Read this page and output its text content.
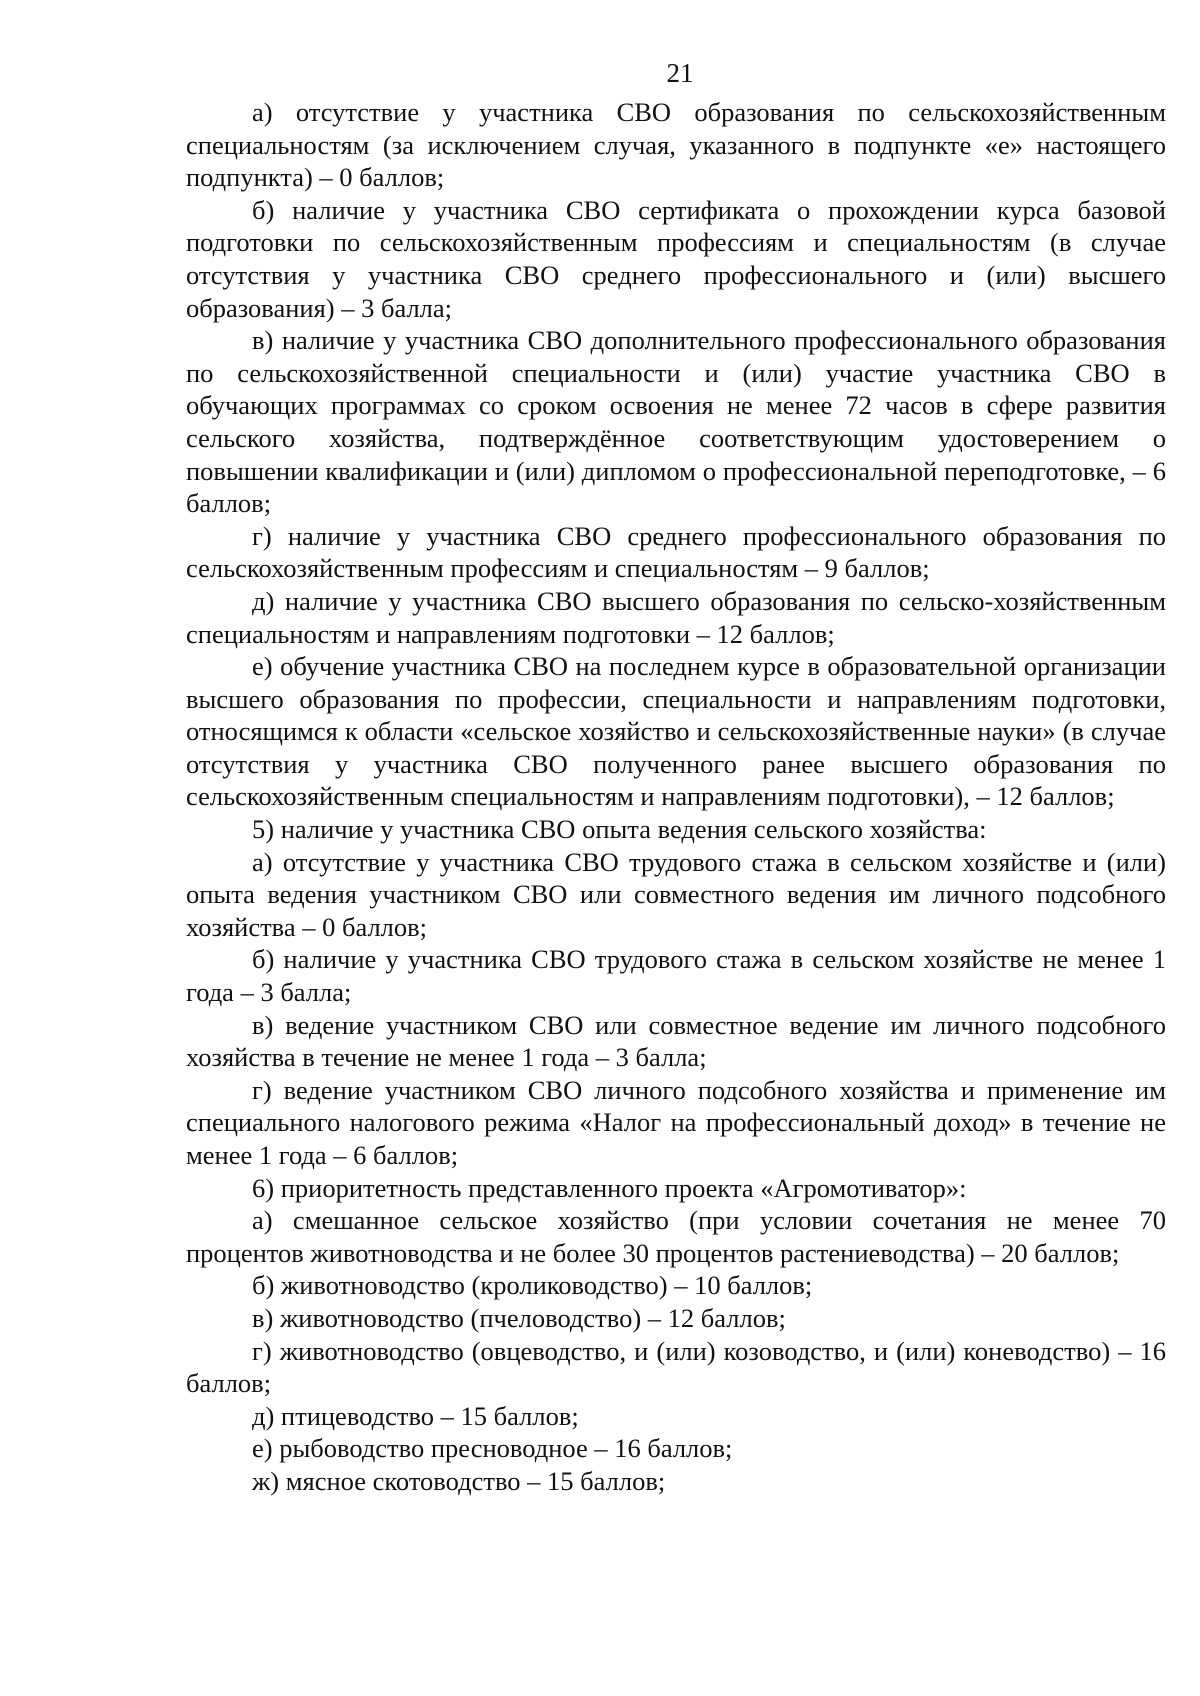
21

а) отсутствие у участника СВО образования по сельскохозяйственным специальностям (за исключением случая, указанного в подпункте «е» настоящего подпункта) – 0 баллов;

б) наличие у участника СВО сертификата о прохождении курса базовой подготовки по сельскохозяйственным профессиям и специальностям (в случае отсутствия у участника СВО среднего профессионального и (или) высшего образования) – 3 балла;

в) наличие у участника СВО дополнительного профессионального образования по сельскохозяйственной специальности и (или) участие участника СВО в обучающих программах со сроком освоения не менее 72 часов в сфере развития сельского хозяйства, подтверждённое соответствующим удостоверением о повышении квалификации и (или) дипломом о профессиональной переподготовке, – 6 баллов;

г) наличие у участника СВО среднего профессионального образования по сельскохозяйственным профессиям и специальностям – 9 баллов;

д) наличие у участника СВО высшего образования по сельско-хозяйственным специальностям и направлениям подготовки – 12 баллов;

е) обучение участника СВО на последнем курсе в образовательной организации высшего образования по профессии, специальности и направлениям подготовки, относящимся к области «сельское хозяйство и сельскохозяйственные науки» (в случае отсутствия у участника СВО полученного ранее высшего образования по сельскохозяйственным специальностям и направлениям подготовки), – 12 баллов;

5) наличие у участника СВО опыта ведения сельского хозяйства:

а) отсутствие у участника СВО трудового стажа в сельском хозяйстве и (или) опыта ведения участником СВО или совместного ведения им личного подсобного хозяйства – 0 баллов;

б) наличие у участника СВО трудового стажа в сельском хозяйстве не менее 1 года – 3 балла;

в) ведение участником СВО или совместное ведение им личного подсобного хозяйства в течение не менее 1 года – 3 балла;

г) ведение участником СВО личного подсобного хозяйства и применение им специального налогового режима «Налог на профессиональный доход» в течение не менее 1 года – 6 баллов;

6) приоритетность представленного проекта «Агромотиватор»:

а) смешанное сельское хозяйство (при условии сочетания не менее 70 процентов животноводства и не более 30 процентов растениеводства) – 20 баллов;

б) животноводство (кролиководство) – 10 баллов;

в) животноводство (пчеловодство) – 12 баллов;

г) животноводство (овцеводство, и (или) козоводство, и (или) коневодство) – 16 баллов;

д) птицеводство – 15 баллов;

е) рыбоводство пресноводное – 16 баллов;

ж) мясное скотоводство – 15 баллов;
